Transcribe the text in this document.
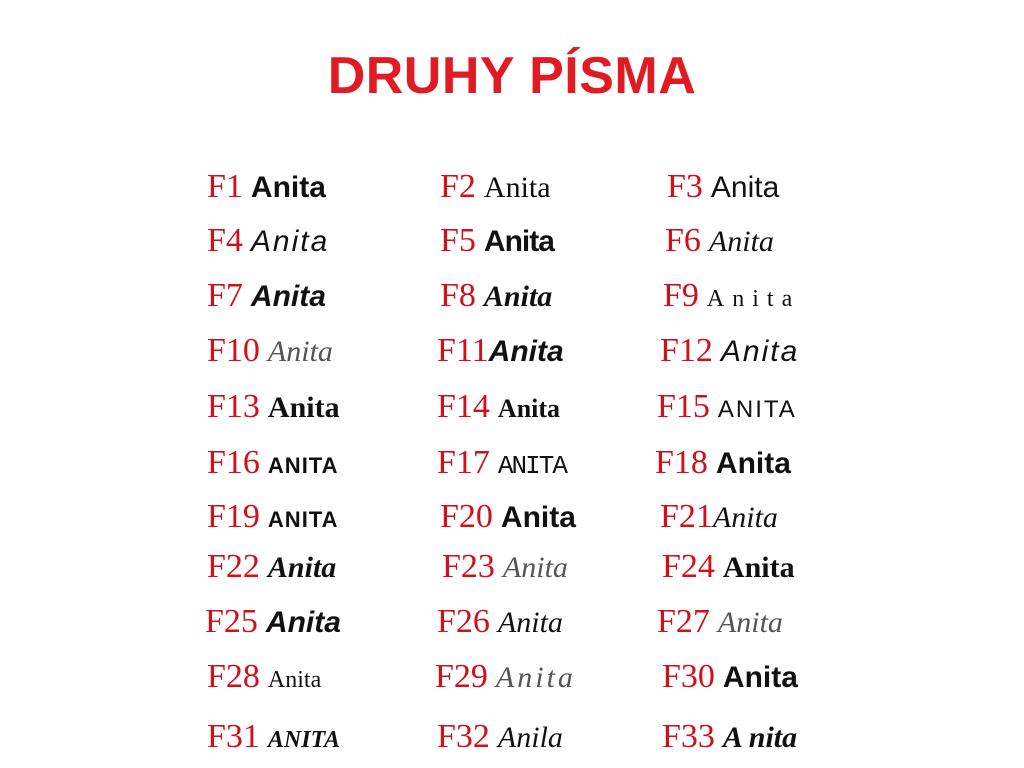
DRUHY PÍSMA
F1 Anita	F2 Anita	F3 Anita
F4 Anita	F5 Anita	F6 Anita
F7 Anita	F8 Anita	F9 Anita
F10 Anita	F11Anita	F12 Anita
F13 Anita	F14 Anita	F15 ANITA
F16 ANITA	F17 ANITA	F18 Anita
F19 ANITA	F20 Anita F21Anita
F22 Anita	F23 Anita	F24 Anita
F25 Anita	F26 Anita	F27 Anita
F28 Anita	F29 Anita	F30 Anita
F31 ANITA	F32 Anila	F33 A nita
